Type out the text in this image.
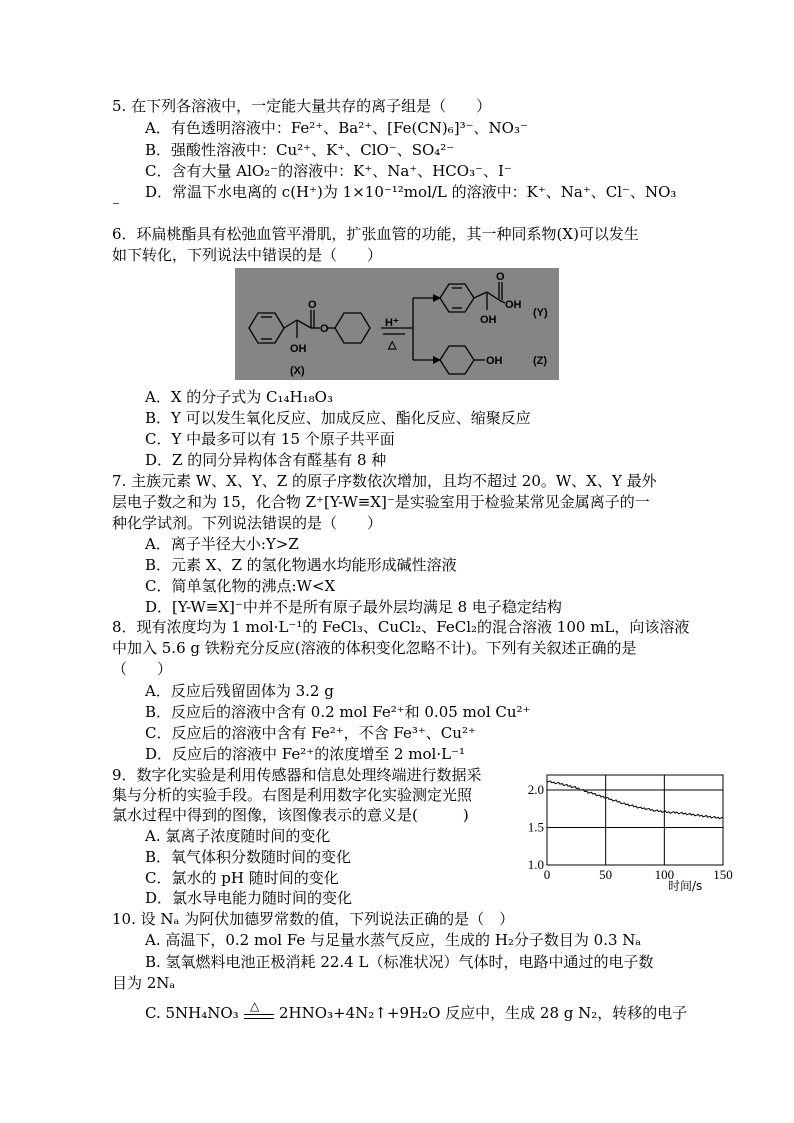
5. 在下列各溶液中，一定能大量共存的离子组是（　　）
A．有色透明溶液中：Fe²⁺、Ba²⁺、[Fe(CN)₆]³⁻、NO₃⁻
B．强酸性溶液中：Cu²⁺、K⁺、ClO⁻、SO₄²⁻
C．含有大量 AlO₂⁻的溶液中：K⁺、Na⁺、HCO₃⁻、I⁻
D．常温下水电离的 c(H⁺)为 1×10⁻¹²mol/L 的溶液中：K⁺、Na⁺、Cl⁻、NO₃
⁻
6．环扁桃酯具有松弛血管平滑肌，扩张血管的功能，其一种同系物(X)可以发生
如下转化，下列说法中错误的是（　　）
OH
O
O
(X)
H⁺
△
O
OH
OH
(Y)
OH	(Z)
A．X 的分子式为 C₁₄H₁₈O₃
B．Y 可以发生氧化反应、加成反应、酯化反应、缩聚反应
C．Y 中最多可以有 15 个原子共平面
D．Z 的同分异构体含有醛基有 8 种
7. 主族元素 W、X、Y、Z 的原子序数依次增加，且均不超过 20。W、X、Y 最外
层电子数之和为 15，化合物 Z⁺[Y-W≡X]⁻是实验室用于检验某常见金属离子的一
种化学试剂。下列说法错误的是（　　）
A．离子半径大小:Y>Z
B．元素 X、Z 的氢化物遇水均能形成碱性溶液
C．简单氢化物的沸点:W<X
D．[Y-W≡X]⁻中并不是所有原子最外层均满足 8 电子稳定结构
8．现有浓度均为 1 mol·L⁻¹的 FeCl₃、CuCl₂、FeCl₂的混合溶液 100 mL，向该溶液
中加入 5.6 g 铁粉充分反应(溶液的体积变化忽略不计)。下列有关叙述正确的是
（　　）
A．反应后残留固体为 3.2 g
B．反应后的溶液中含有 0.2 mol Fe²⁺和 0.05 mol Cu²⁺
C．反应后的溶液中含有 Fe²⁺，不含 Fe³⁺、Cu²⁺
D．反应后的溶液中 Fe²⁺的浓度增至 2 mol·L⁻¹
9．数字化实验是利用传感器和信息处理终端进行数据采
集与分析的实验手段。右图是利用数字化实验测定光照
氯水过程中得到的图像，该图像表示的意义是(　　　)
A. 氯离子浓度随时间的变化
B．氧气体积分数随时间的变化
C．氯水的 pH 随时间的变化
D．氯水导电能力随时间的变化
0	50	100	150
1.0
1.5
2.0
时间/s
10. 设 Nₐ 为阿伏加德罗常数的值，下列说法正确的是（　）
A. 高温下，0.2 mol Fe 与足量水蒸气反应，生成的 H₂分子数目为 0.3 Nₐ
B. 氢氧燃料电池正极消耗 22.4 L（标准状况）气体时，电路中通过的电子数
目为 2Nₐ
C. 5NH₄NO₃ △ 2HNO₃+4N₂↑+9H₂O 反应中，生成 28 g N₂，转移的电子
